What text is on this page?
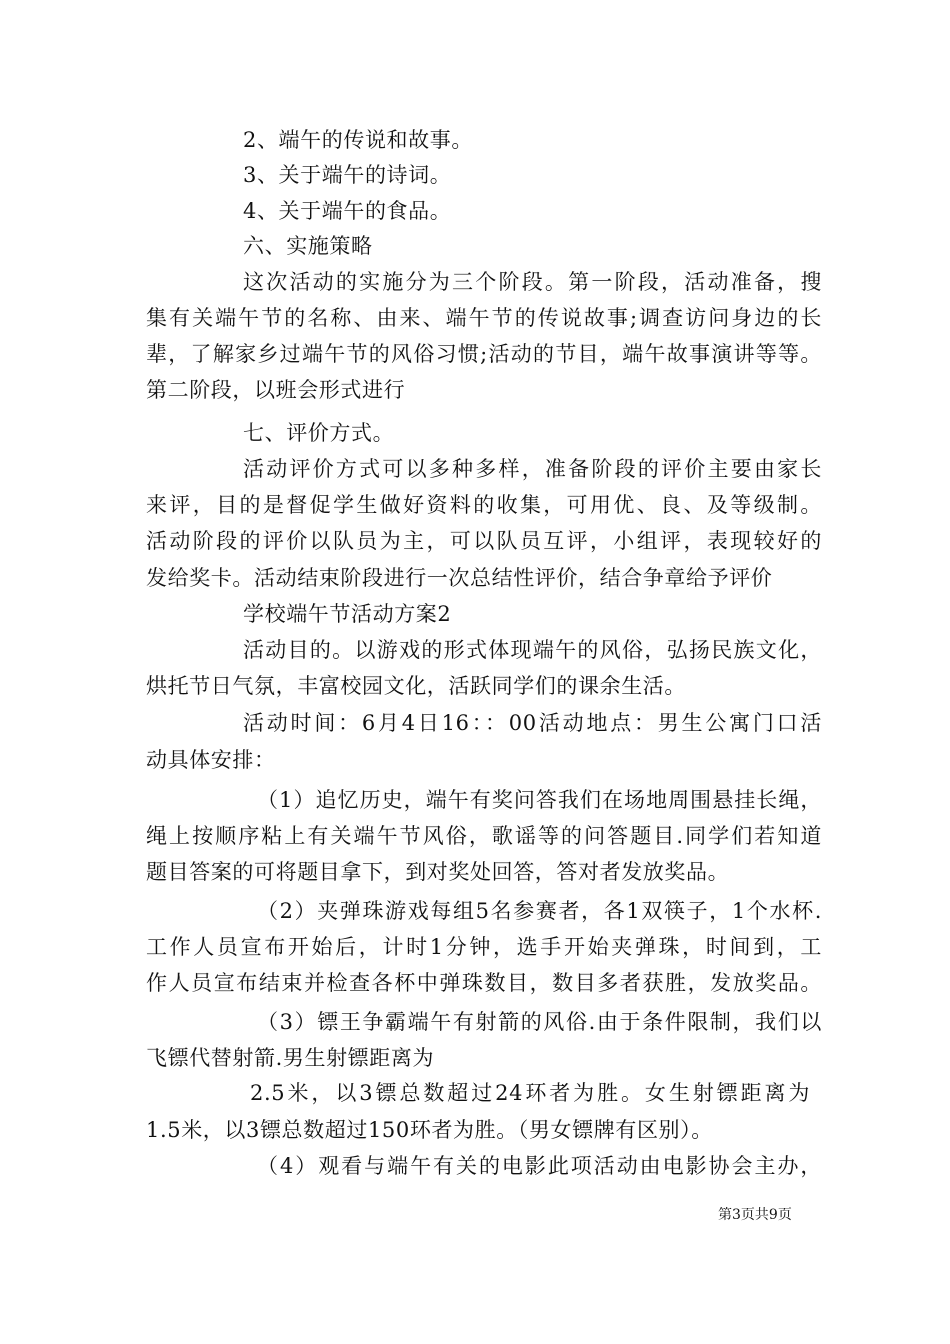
2、端午的传说和故事。
3、关于端午的诗词。
4、关于端午的食品。
六、实施策略
这次活动的实施分为三个阶段。第一阶段，活动准备，搜
集有关端午节的名称、由来、端午节的传说故事;调查访问身边的长
辈，了解家乡过端午节的风俗习惯;活动的节目，端午故事演讲等等。
第二阶段，以班会形式进行
七、评价方式。
活动评价方式可以多种多样，准备阶段的评价主要由家长
来评，目的是督促学生做好资料的收集，可用优、良、及等级制。
活动阶段的评价以队员为主，可以队员互评，小组评，表现较好的
发给奖卡。活动结束阶段进行一次总结性评价，结合争章给予评价
学校端午节活动方案2
活动目的。以游戏的形式体现端午的风俗，弘扬民族文化，
烘托节日气氛，丰富校园文化，活跃同学们的课余生活。
活动时间：6月4日16：：00活动地点：男生公寓门口活
动具体安排：
（1）追忆历史，端午有奖问答我们在场地周围悬挂长绳，
绳上按顺序粘上有关端午节风俗，歌谣等的问答题目.同学们若知道
题目答案的可将题目拿下，到对奖处回答，答对者发放奖品。
（2）夹弹珠游戏每组5名参赛者，各1双筷子，1个水杯.
工作人员宣布开始后，计时1分钟，选手开始夹弹珠，时间到，工
作人员宣布结束并检查各杯中弹珠数目，数目多者获胜，发放奖品。
（3）镖王争霸端午有射箭的风俗.由于条件限制，我们以
飞镖代替射箭.男生射镖距离为
2.5米，以3镖总数超过24环者为胜。女生射镖距离为
1.5米，以3镖总数超过150环者为胜。（男女镖牌有区别）。
（4）观看与端午有关的电影此项活动由电影协会主办，
第3页共9页
